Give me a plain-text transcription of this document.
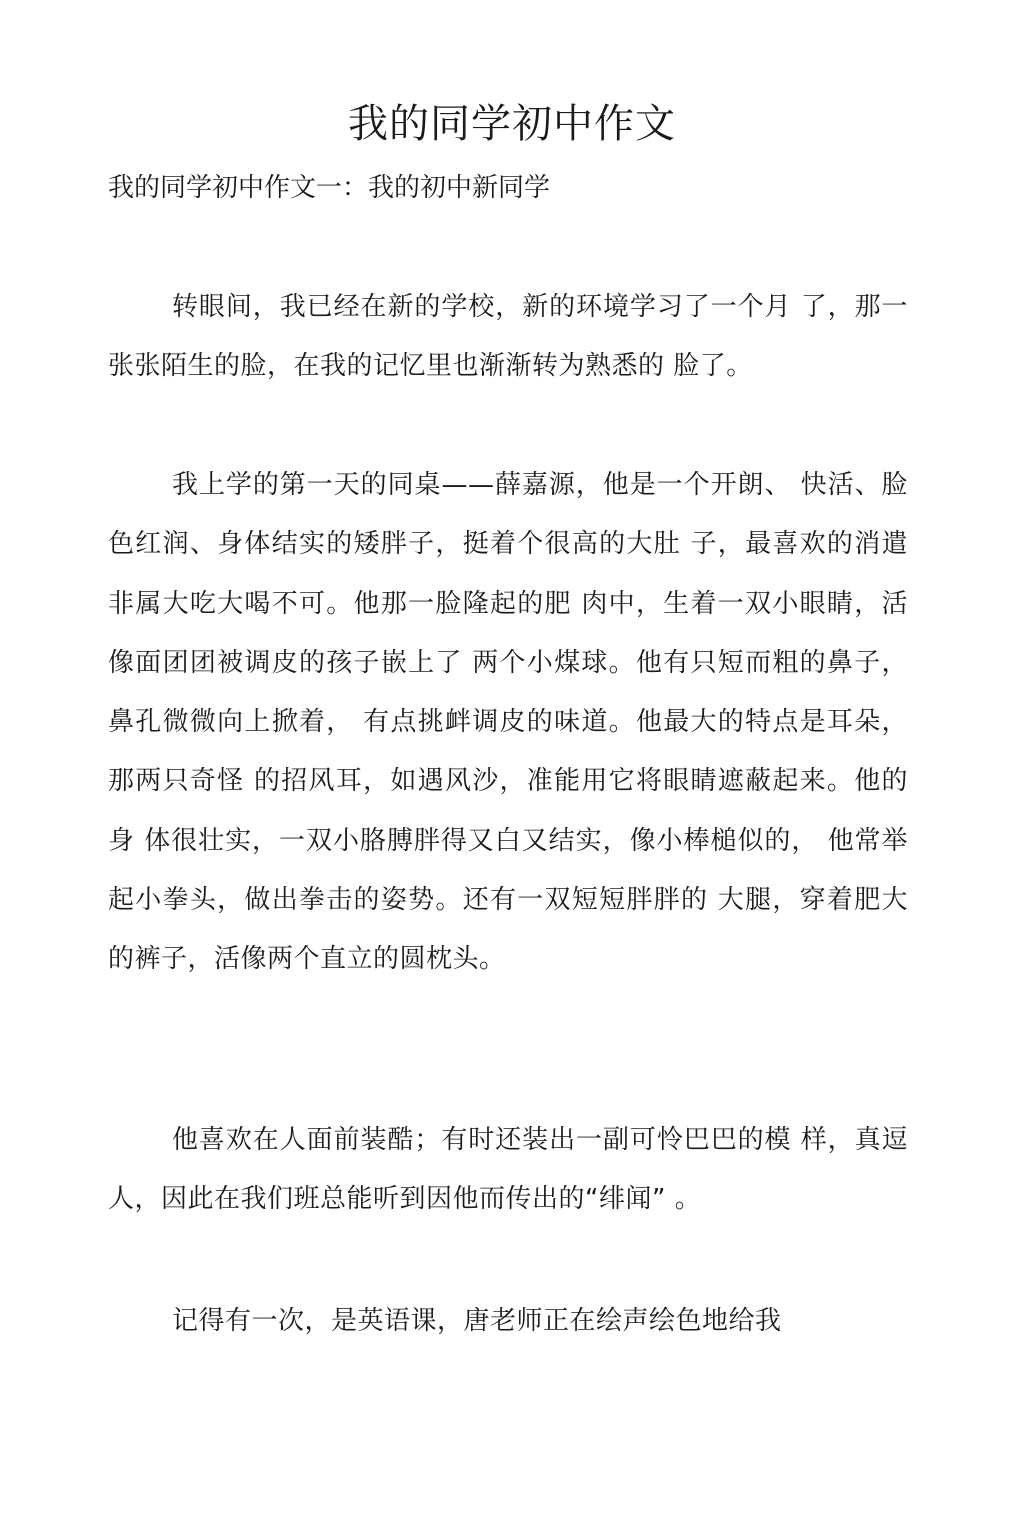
我的同学初中作文

我的同学初中作文一：我的初中新同学

转眼间，我已经在新的学校，新的环境学习了一个月 了，那一张张陌生的脸，在我的记忆里也渐渐转为熟悉的 脸了。

我上学的第一天的同桌——薛嘉源，他是一个开朗、 快活、脸色红润、身体结实的矮胖子，挺着个很高的大肚 子，最喜欢的消遣非属大吃大喝不可。他那一脸隆起的肥 肉中，生着一双小眼睛，活像面团团被调皮的孩子嵌上了 两个小煤球。他有只短而粗的鼻子，鼻孔微微向上掀着， 有点挑衅调皮的味道。他最大的特点是耳朵，那两只奇怪 的招风耳，如遇风沙，准能用它将眼睛遮蔽起来。他的身 体很壮实，一双小胳膊胖得又白又结实，像小棒槌似的， 他常举起小拳头，做出拳击的姿势。还有一双短短胖胖的 大腿，穿着肥大的裤子，活像两个直立的圆枕头。

他喜欢在人面前装酷；有时还装出一副可怜巴巴的模 样，真逗人，因此在我们班总能听到因他而传出的“绯闻” 。

记得有一次，是英语课，唐老师正在绘声绘色地给我
